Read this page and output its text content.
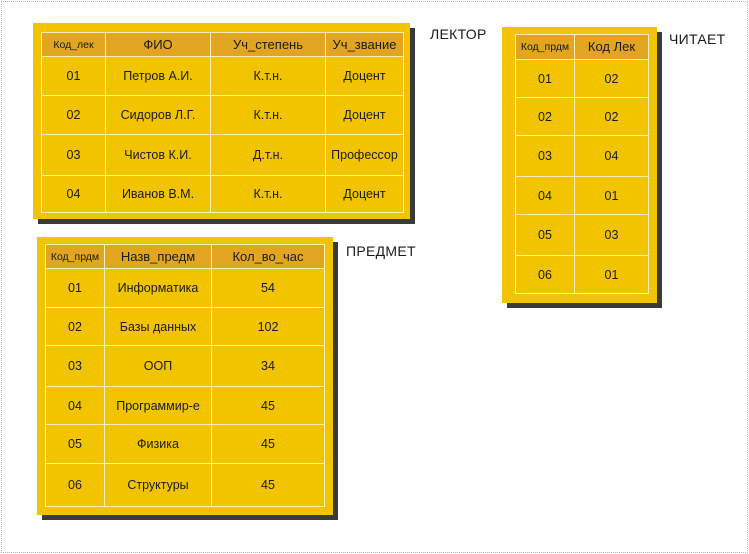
Код_лек	ФИО	Уч_степень	Уч_звание
01	Петров А.И.	К.т.н.	Доцент
02	Сидоров Л.Г.	К.т.н.	Доцент
03	Чистов К.И.	Д.т.н.	Профессор
04	Иванов В.М.	К.т.н.	Доцент
ЛЕКТОР
Код_прдм	Код Лек
01	02
02	02
03	04
04	01
05	03
06	01
ЧИТАЕТ
Код_прдм	Назв_предм	Кол_во_час
01	Информатика	54
02	Базы данных	102
03	ООП	34
04	Программир-е	45
05	Физика	45
06	Структуры	45
ПРЕДМЕТ
